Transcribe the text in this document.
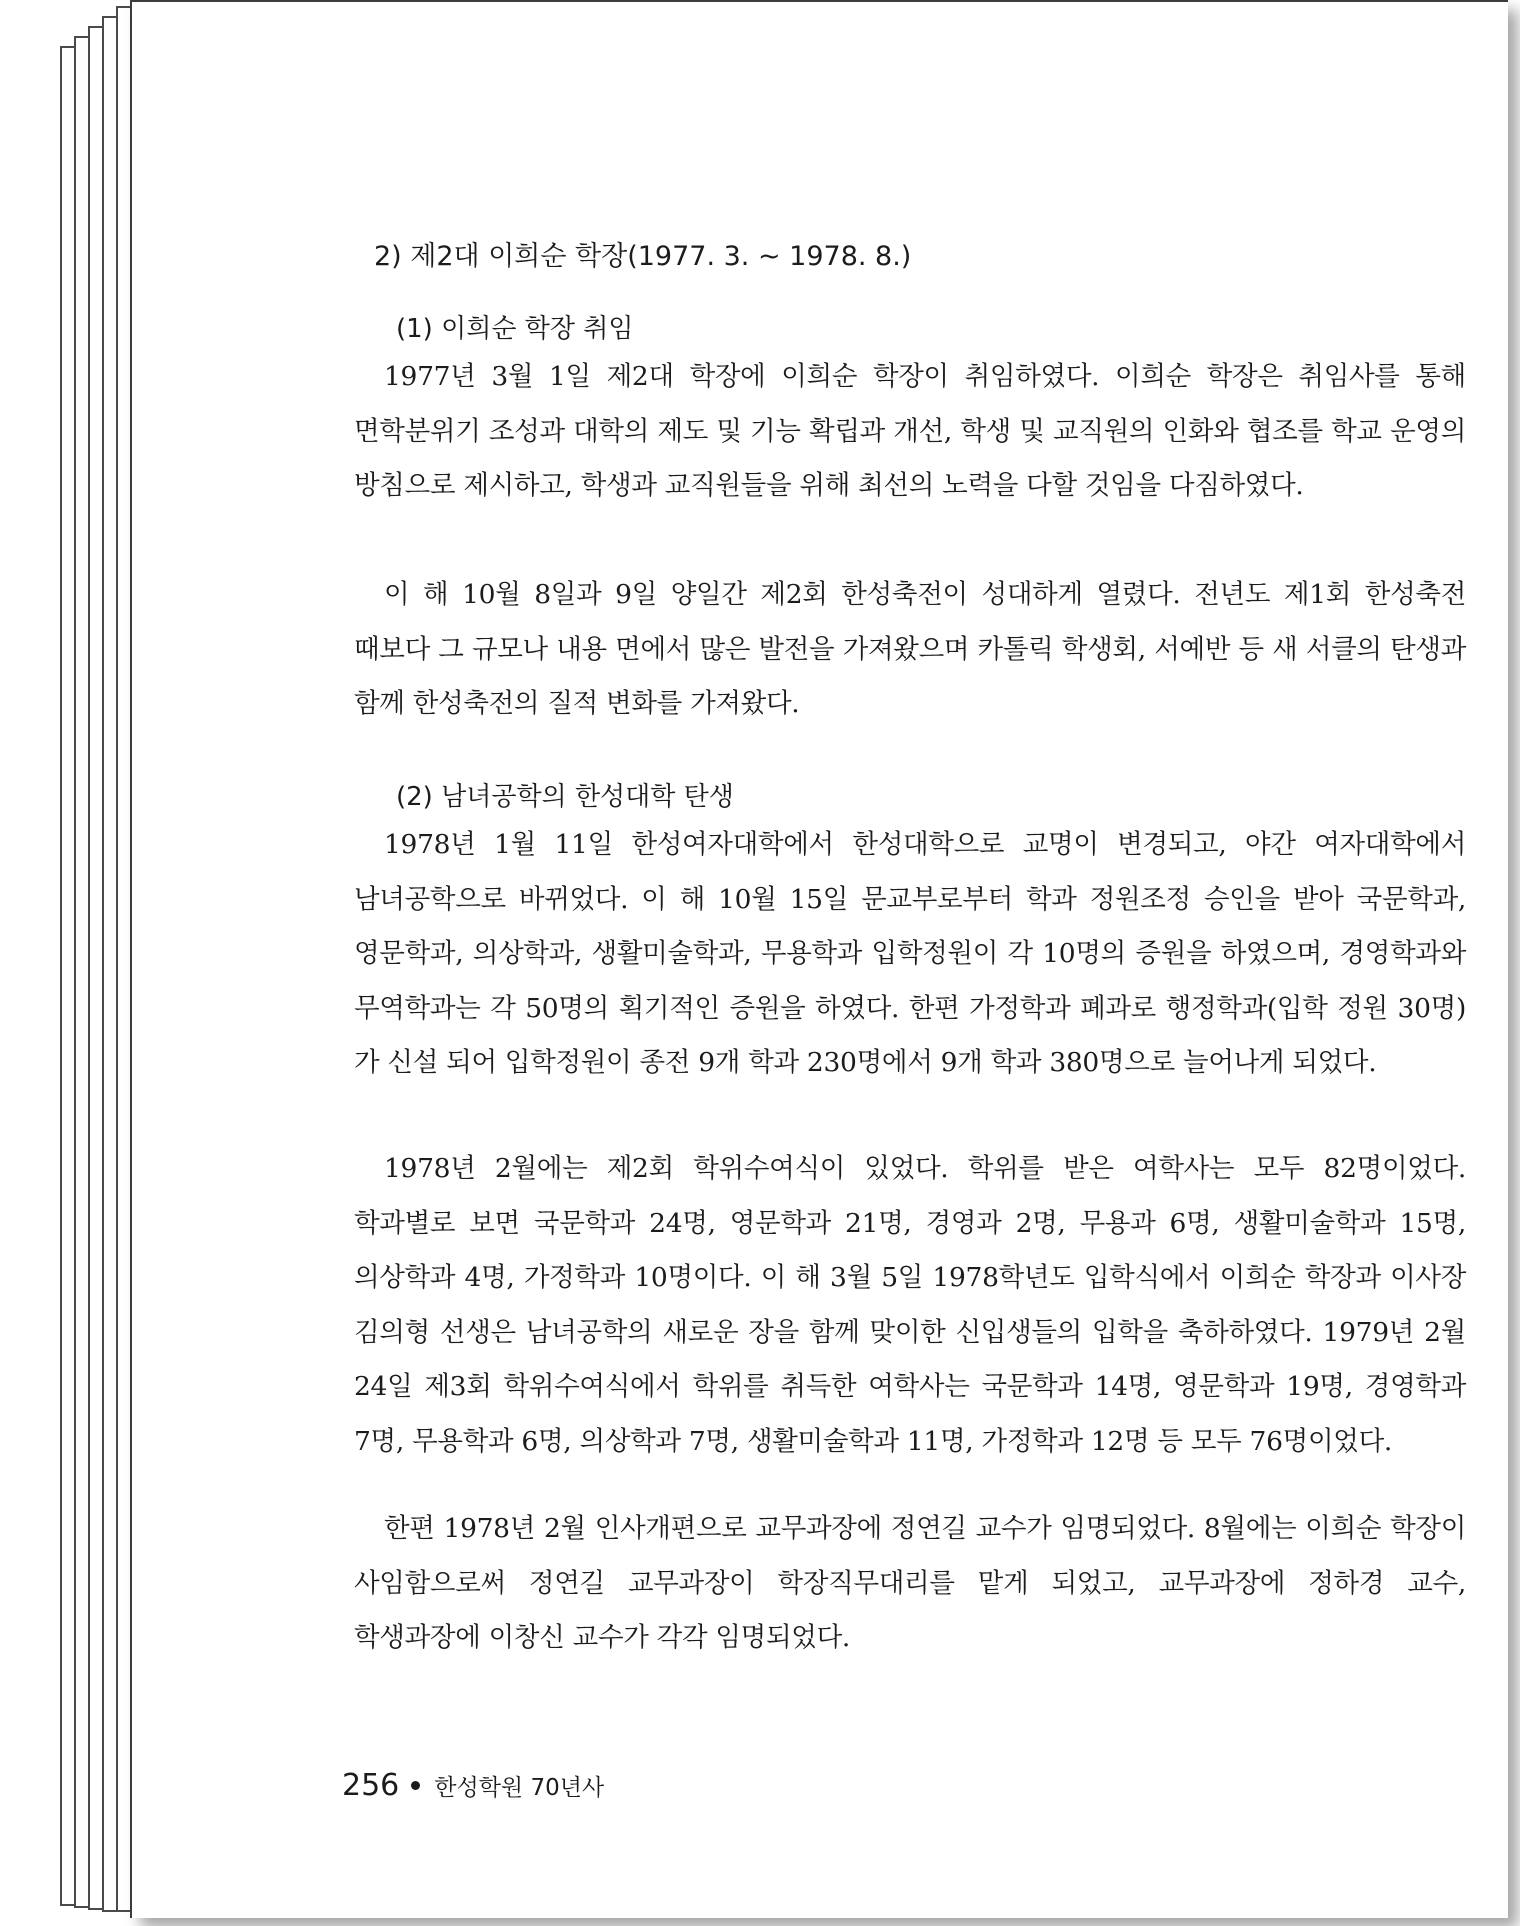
2) 제2대 이희순 학장(1977. 3. ~ 1978. 8.)
(1) 이희순 학장 취임

1977년 3월 1일 제2대 학장에 이희순 학장이 취임하였다. 이희순 학장은 취임사를 통해 면학분위기 조성과 대학의 제도 및 기능 확립과 개선, 학생 및 교직원의 인화와 협조를 학교 운영의 방침으로 제시하고, 학생과 교직원들을 위해 최선의 노력을 다할 것임을 다짐하였다.

이 해 10월 8일과 9일 양일간 제2회 한성축전이 성대하게 열렸다. 전년도 제1회 한성축전 때보다 그 규모나 내용 면에서 많은 발전을 가져왔으며 카톨릭 학생회, 서예반 등 새 서클의 탄생과 함께 한성축전의 질적 변화를 가져왔다.

(2) 남녀공학의 한성대학 탄생

1978년 1월 11일 한성여자대학에서 한성대학으로 교명이 변경되고, 야간 여자대학에서 남녀공학으로 바뀌었다. 이 해 10월 15일 문교부로부터 학과 정원조정 승인을 받아 국문학과, 영문학과, 의상학과, 생활미술학과, 무용학과 입학정원이 각 10명의 증원을 하였으며, 경영학과와 무역학과는 각 50명의 획기적인 증원을 하였다. 한편 가정학과 폐과로 행정학과(입학 정원 30명)가 신설 되어 입학정원이 종전 9개 학과 230명에서 9개 학과 380명으로 늘어나게 되었다.

1978년 2월에는 제2회 학위수여식이 있었다. 학위를 받은 여학사는 모두 82명이었다. 학과별로 보면 국문학과 24명, 영문학과 21명, 경영과 2명, 무용과 6명, 생활미술학과 15명, 의상학과 4명, 가정학과 10명이다. 이 해 3월 5일 1978학년도 입학식에서 이희순 학장과 이사장 김의형 선생은 남녀공학의 새로운 장을 함께 맞이한 신입생들의 입학을 축하하였다. 1979년 2월 24일 제3회 학위수여식에서 학위를 취득한 여학사는 국문학과 14명, 영문학과 19명, 경영학과 7명, 무용학과 6명, 의상학과 7명, 생활미술학과 11명, 가정학과 12명 등 모두 76명이었다.

한편 1978년 2월 인사개편으로 교무과장에 정연길 교수가 임명되었다. 8월에는 이희순 학장이 사임함으로써 정연길 교무과장이 학장직무대리를 맡게 되었고, 교무과장에 정하경 교수, 학생과장에 이창신 교수가 각각 임명되었다.

256 한성학원 70년사
